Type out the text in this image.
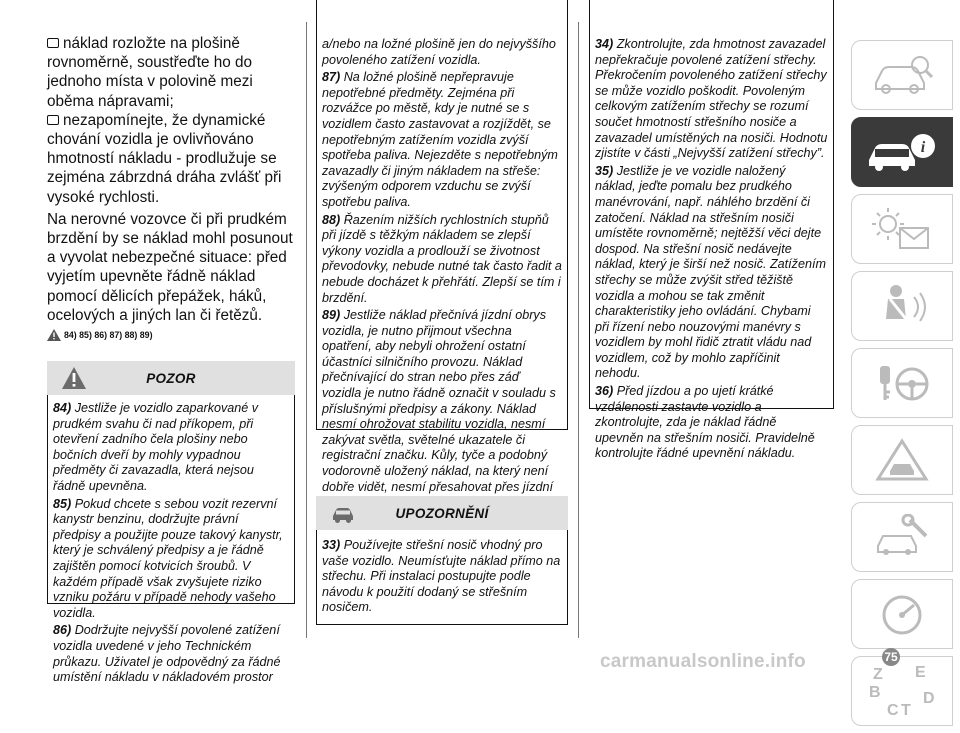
náklad rozložte na plošině rovnoměrně, soustřeďte ho do jednoho místa v polovině mezi oběma nápravami;

nezapomínejte, že dynamické chování vozidla je ovlivňováno hmotností nákladu - prodlužuje se zejména zábrzdná dráha zvlášť při vysoké rychlosti.

Na nerovné vozovce či při prudkém brzdění by se náklad mohl posunout a vyvolat nebezpečné situace: před vyjetím upevněte řádně náklad pomocí dělicích přepážek, háků, ocelových a jiných lan či řetězů.

84) 85) 86) 87) 88) 89)
POZOR

84) Jestliže je vozidlo zaparkované v prudkém svahu či nad příkopem, při otevření zadního čela plošiny nebo bočních dveří by mohly vypadnou předměty či zavazadla, která nejsou řádně upevněna.

85) Pokud chcete s sebou vozit rezervní kanystr benzinu, dodržujte právní předpisy a použijte pouze takový kanystr, který je schválený předpisy a je řádně zajištěn pomocí kotvicích šroubů. V každém případě však zvyšujete riziko vzniku požáru v případě nehody vašeho vozidla.

86) Dodržujte nejvyšší povolené zatížení vozidla uvedené v jeho Technickém průkazu. Uživatel je odpovědný za řádné umístění nákladu v nákladovém prostor

a/nebo na ložné plošině jen do nejvyššího povoleného zatížení vozidla.

87) Na ložné plošině nepřepravuje nepotřebné předměty. Zejména při rozvážce po městě, kdy je nutné se s vozidlem často zastavovat a rozjíždět, se nepotřebným zatížením vozidla zvýší spotřeba paliva. Nejezděte s nepotřebným zavazadly či jiným nákladem na střeše: zvýšeným odporem vzduchu se zvýší spotřebu paliva.

88) Řazením nižších rychlostních stupňů při jízdě s těžkým nákladem se zlepší výkony vozidla a prodlouží se životnost převodovky, nebude nutné tak často řadit a nebude docházet k přehřátí. Zlepší se tím i brzdění.

89) Jestliže náklad přečnívá jízdní obrys vozidla, je nutno přijmout všechna opatření, aby nebyli ohrožení ostatní účastníci silničního provozu. Náklad přečnívající do stran nebo přes záď vozidla je nutno řádně označit v souladu s příslušnými předpisy a zákony. Náklad nesmí ohrožovat stabilitu vozidla, nesmí zakývat světla, světelné ukazatele či registrační značku. Kůly, tyče a podobný vodorovně uložený náklad, na který není dobře vidět, nesmí přesahovat přes jízdní

UPOZORNĚNÍ

33) Používejte střešní nosič vhodný pro vaše vozidlo. Neumísťujte náklad přímo na střechu. Při instalaci postupujte podle návodu k použití dodaný se střešním nosičem.

34) Zkontrolujte, zda hmotnost zavazadel nepřekračuje povolené zatížení střechy. Překročením povoleného zatížení střechy se může vozidlo poškodit. Povoleným celkovým zatížením střechy se rozumí součet hmotností střešního nosiče a zavazadel umístěných na nosiči. Hodnotu zjistíte v části „Nejvyšší zatížení střechy”.

35) Jestliže je ve vozidle naložený náklad, jeďte pomalu bez prudkého manévrování, např. náhlého brzdění či zatočení. Náklad na střešním nosiči umístěte rovnoměrně; nejtěžší věci dejte dospod. Na střešní nosič nedávejte náklad, který je širší než nosič. Zatížením střechy se může zvýšit střed těžiště vozidla a mohou se tak změnit charakteristiky jeho ovládání. Chybami při řízení nebo nouzovými manévry s vozidlem by mohl řidič ztratit vládu nad vozidlem, což by mohlo zapříčinit nehodu.

36) Před jízdou a po ujetí krátké vzdálenosti zastavte vozidlo a zkontrolujte, zda je náklad řádně upevněn na střešním nosiči. Pravidelně kontrolujte řádné upevnění nákladu.

i
Z E
B
C T
D
carmanualsonline.info	75
